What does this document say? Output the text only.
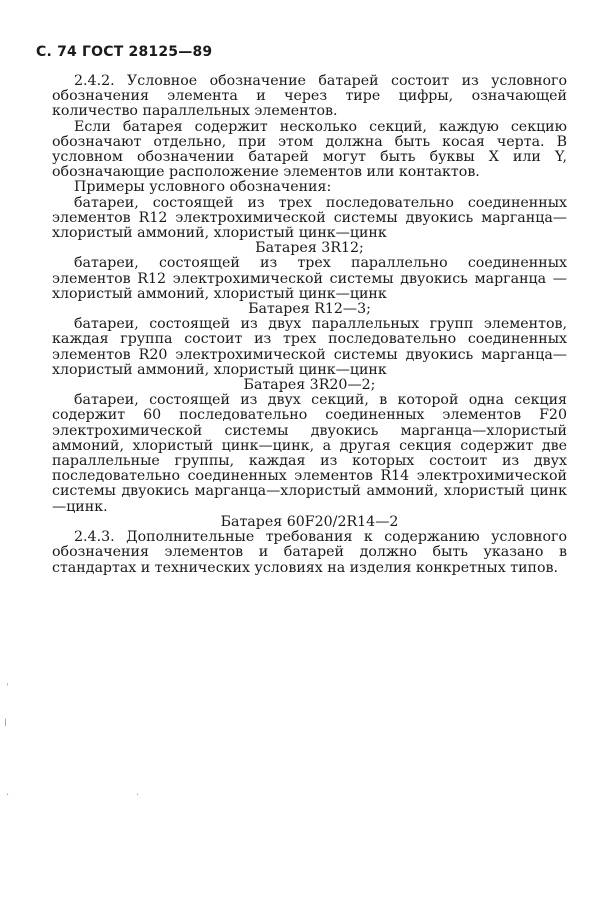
С. 74 ГОСТ 28125—89

2.4.2. Условное обозначение батарей состоит из условного обозначения элемента и через тире цифры, означающей количество параллельных элементов.

Если батарея содержит несколько секций, каждую секцию обозначают отдельно, при этом должна быть косая черта. В условном обозначении батарей могут быть буквы X или Y, обозначающие расположение элементов или контактов.

Примеры условного обозначения:

батареи, состоящей из трех последовательно соединенных элементов R12 электрохимической системы двуокись марганца—хлористый аммоний, хлористый цинк—цинк

Батарея 3R12;

батареи, состоящей из трех параллельно соединенных элементов R12 электрохимической системы двуокись марганца — хлористый аммоний, хлористый цинк—цинк

Батарея R12—3;

батареи, состоящей из двух параллельных групп элементов, каждая группа состоит из трех последовательно соединенных элементов R20 электрохимической системы двуокись марганца—хлористый аммоний, хлористый цинк—цинк

Батарея 3R20—2;

батареи, состоящей из двух секций, в которой одна секция содержит 60 последовательно соединенных элементов F20 электрохимической системы двуокись марганца—хлористый аммоний, хлористый цинк—цинк, а другая секция содержит две параллельные группы, каждая из которых состоит из двух последовательно соединенных элементов R14 электрохимической системы двуокись марганца—хлористый аммоний, хлористый цинк—цинк.

Батарея 60F20/2R14—2

2.4.3. Дополнительные требования к содержанию условного обозначения элементов и батарей должно быть указано в стандартах и технических условиях на изделия конкретных типов.

ˌ
ǀ
·	·
